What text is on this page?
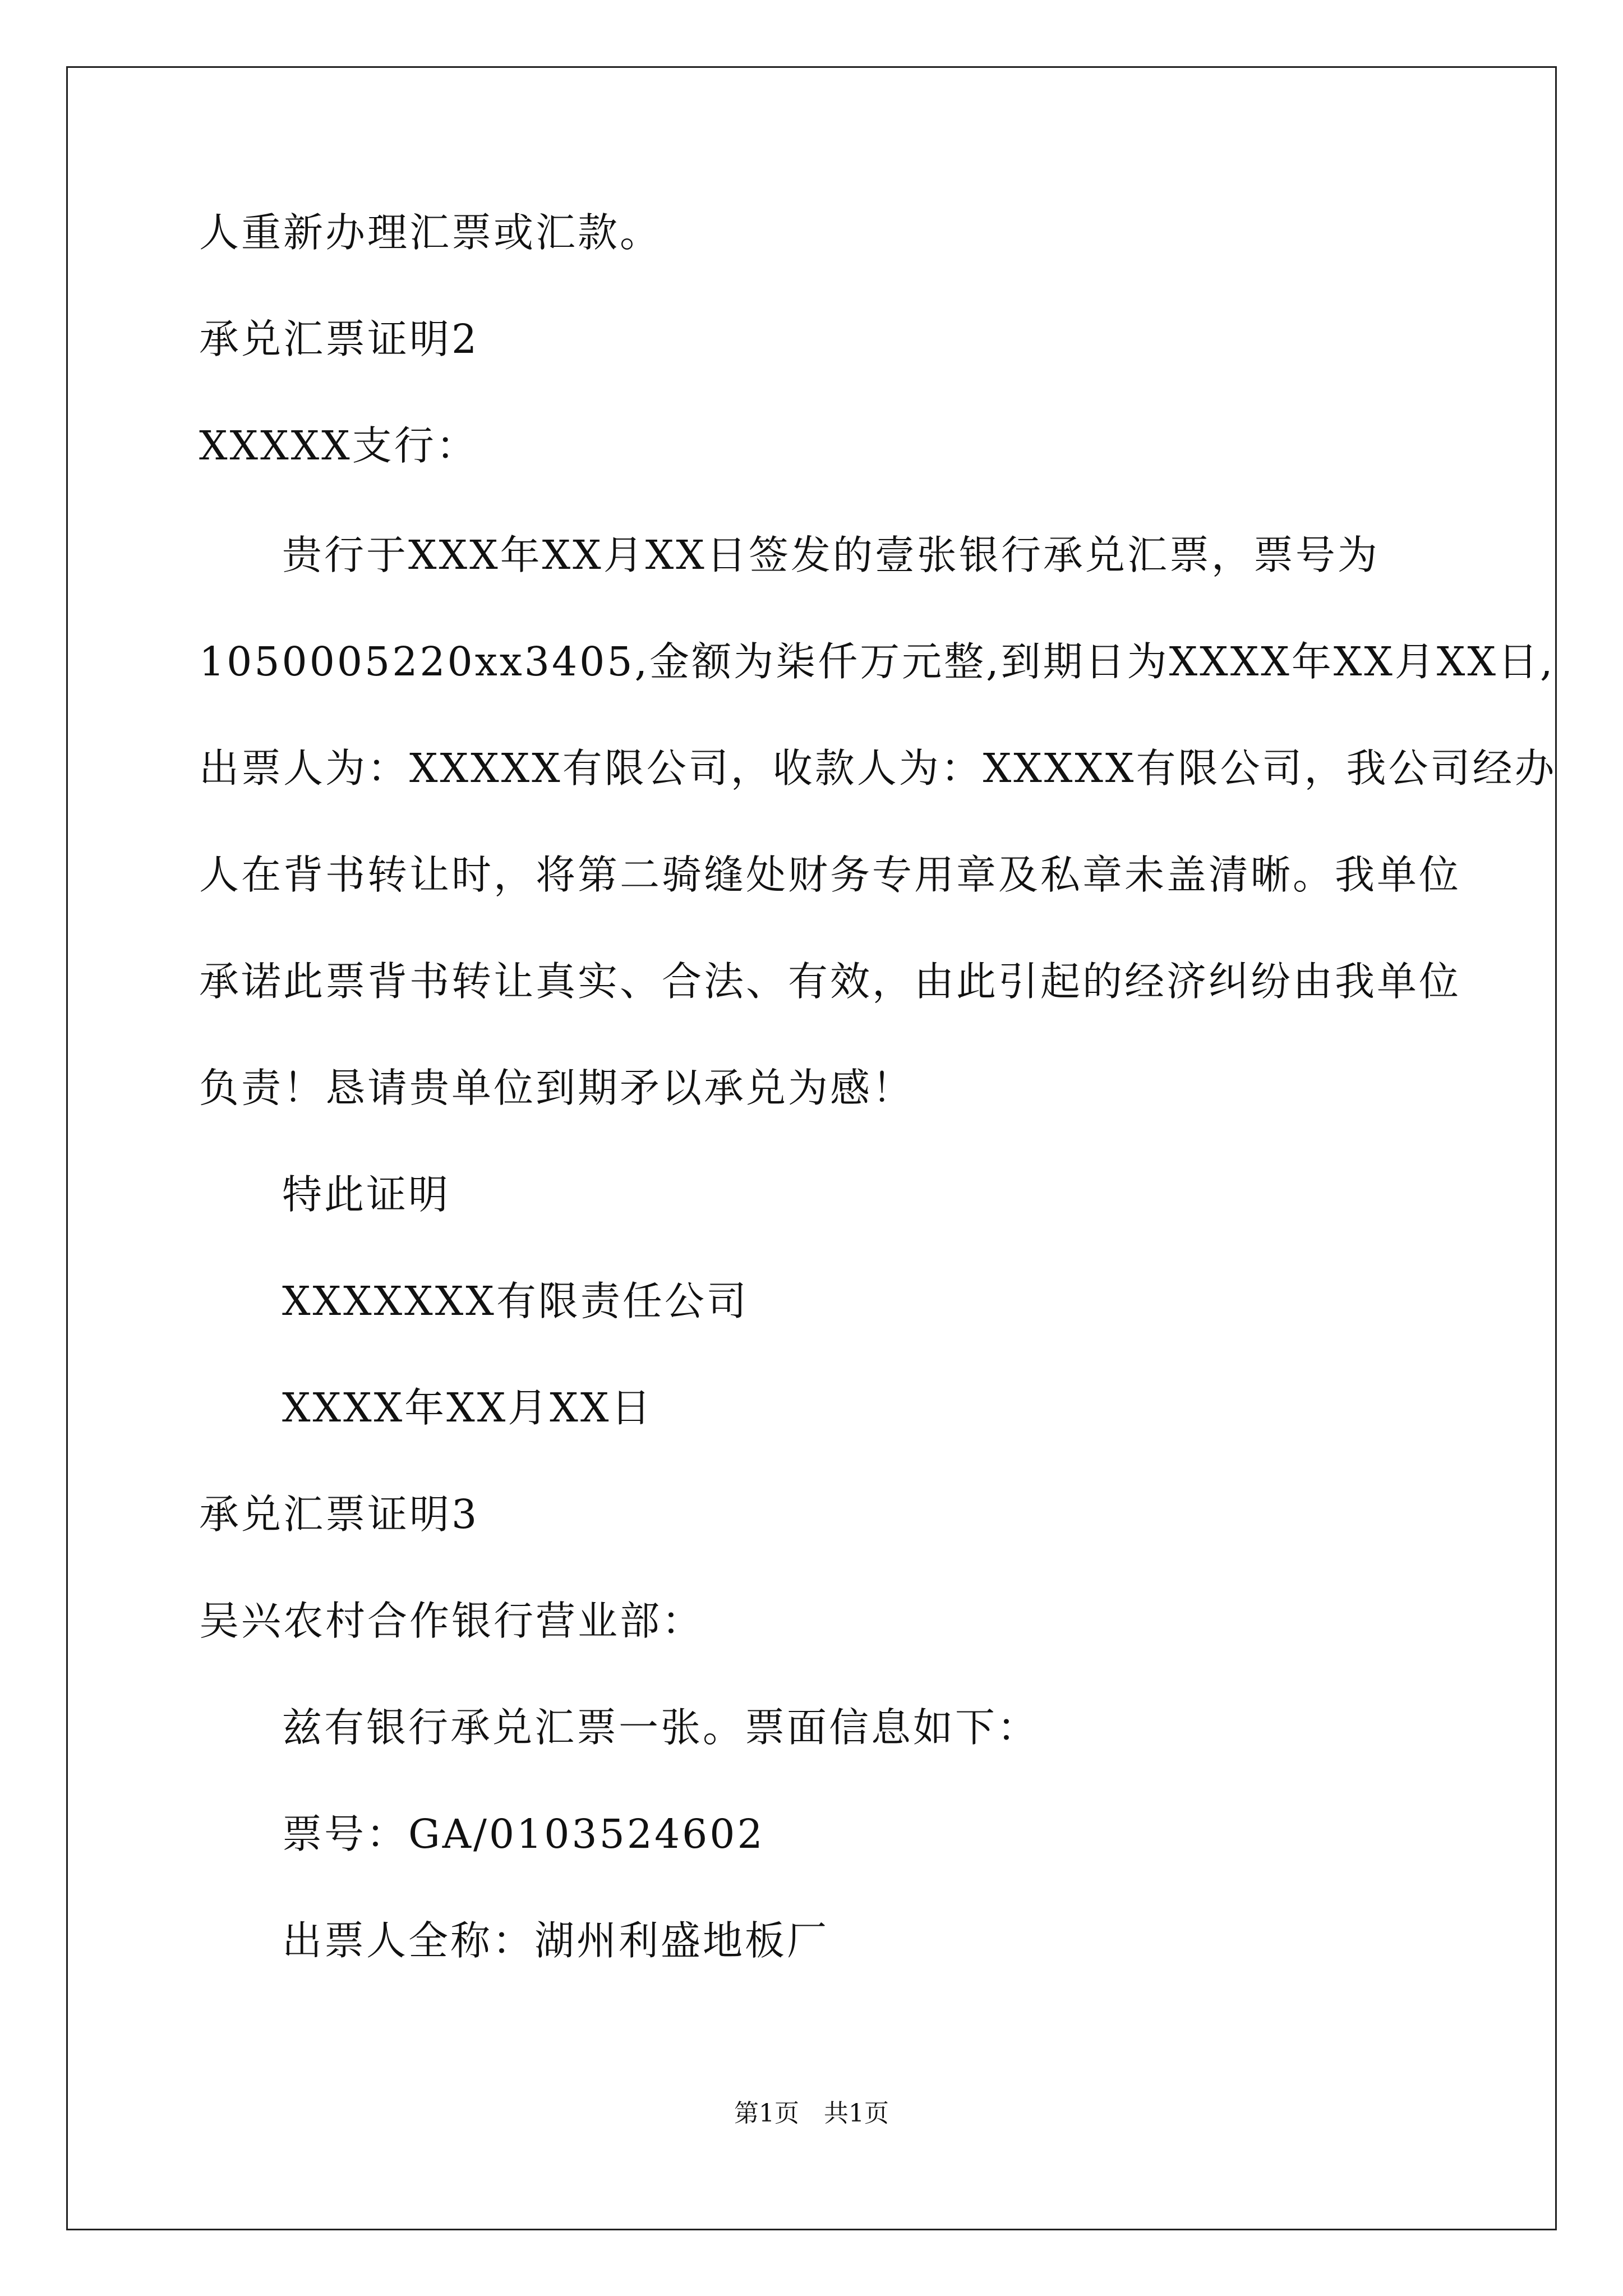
人重新办理汇票或汇款。
承兑汇票证明2
XXXXX支行：
贵行于XXX年XX月XX日签发的壹张银行承兑汇票，票号为
1050005220xx3405,金额为柒仟万元整,到期日为XXXX年XX月XX日,
出票人为：XXXXX有限公司，收款人为：XXXXX有限公司，我公司经办
人在背书转让时，将第二骑缝处财务专用章及私章未盖清晰。我单位
承诺此票背书转让真实、合法、有效，由此引起的经济纠纷由我单位
负责！恳请贵单位到期矛以承兑为感！
特此证明
XXXXXXX有限责任公司
XXXX年XX月XX日
承兑汇票证明3
吴兴农村合作银行营业部：
兹有银行承兑汇票一张。票面信息如下：
票号：GA/0103524602
出票人全称：湖州利盛地板厂
第1页　共1页
